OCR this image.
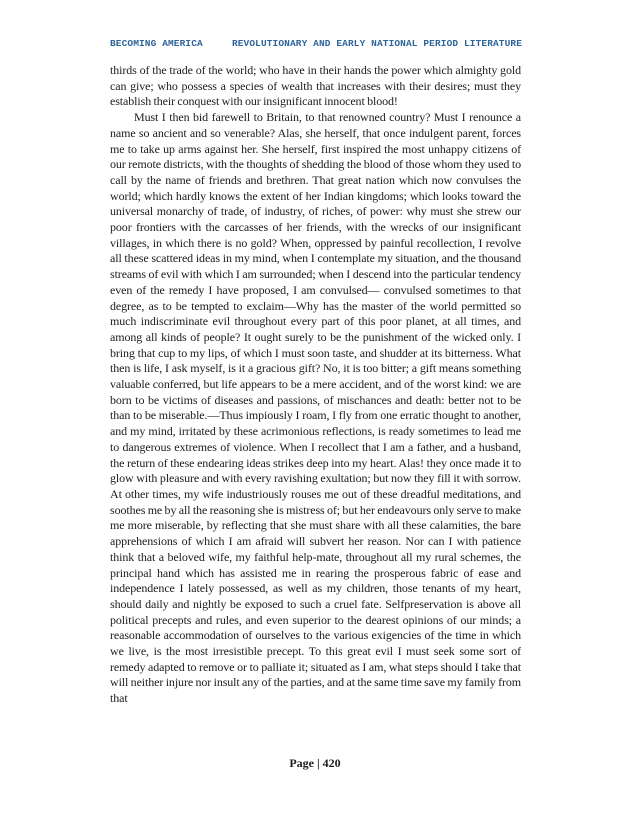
BECOMING AMERICA	REVOLUTIONARY AND EARLY NATIONAL PERIOD LITERATURE

thirds of the trade of the world; who have in their hands the power which almighty gold can give; who possess a species of wealth that increases with their desires; must they establish their conquest with our insignificant innocent blood!

Must I then bid farewell to Britain, to that renowned country? Must I renounce a name so ancient and so venerable? Alas, she herself, that once indulgent parent, forces me to take up arms against her. She herself, first inspired the most unhappy citizens of our remote districts, with the thoughts of shedding the blood of those whom they used to call by the name of friends and brethren. That great nation which now convulses the world; which hardly knows the extent of her Indian kingdoms; which looks toward the universal monarchy of trade, of industry, of riches, of power: why must she strew our poor frontiers with the carcasses of her friends, with the wrecks of our insignificant villages, in which there is no gold? When, oppressed by painful recollection, I revolve all these scattered ideas in my mind, when I contemplate my situation, and the thousand streams of evil with which I am surrounded; when I descend into the particular tendency even of the remedy I have proposed, I am convulsed— convulsed sometimes to that degree, as to be tempted to exclaim—Why has the master of the world permitted so much indiscriminate evil throughout every part of this poor planet, at all times, and among all kinds of people? It ought surely to be the punishment of the wicked only. I bring that cup to my lips, of which I must soon taste, and shudder at its bitterness. What then is life, I ask myself, is it a gracious gift? No, it is too bitter; a gift means something valuable conferred, but life appears to be a mere accident, and of the worst kind: we are born to be victims of diseases and passions, of mischances and death: better not to be than to be miserable.—Thus impiously I roam, I fly from one erratic thought to another, and my mind, irritated by these acrimonious reflections, is ready sometimes to lead me to dangerous extremes of violence. When I recollect that I am a father, and a husband, the return of these endearing ideas strikes deep into my heart. Alas! they once made it to glow with pleasure and with every ravishing exultation; but now they fill it with sorrow. At other times, my wife industriously rouses me out of these dreadful meditations, and soothes me by all the reasoning she is mistress of; but her endeavours only serve to make me more miserable, by reflecting that she must share with all these calamities, the bare apprehensions of which I am afraid will subvert her reason. Nor can I with patience think that a beloved wife, my faithful help-mate, throughout all my rural schemes, the principal hand which has assisted me in rearing the prosperous fabric of ease and independence I lately possessed, as well as my children, those tenants of my heart, should daily and nightly be exposed to such a cruel fate. Selfpreservation is above all political precepts and rules, and even superior to the dearest opinions of our minds; a reasonable accommodation of ourselves to the various exigencies of the time in which we live, is the most irresistible precept. To this great evil I must seek some sort of remedy adapted to remove or to palliate it; situated as I am, what steps should I take that will neither injure nor insult any of the parties, and at the same time save my family from that

Page | 420
